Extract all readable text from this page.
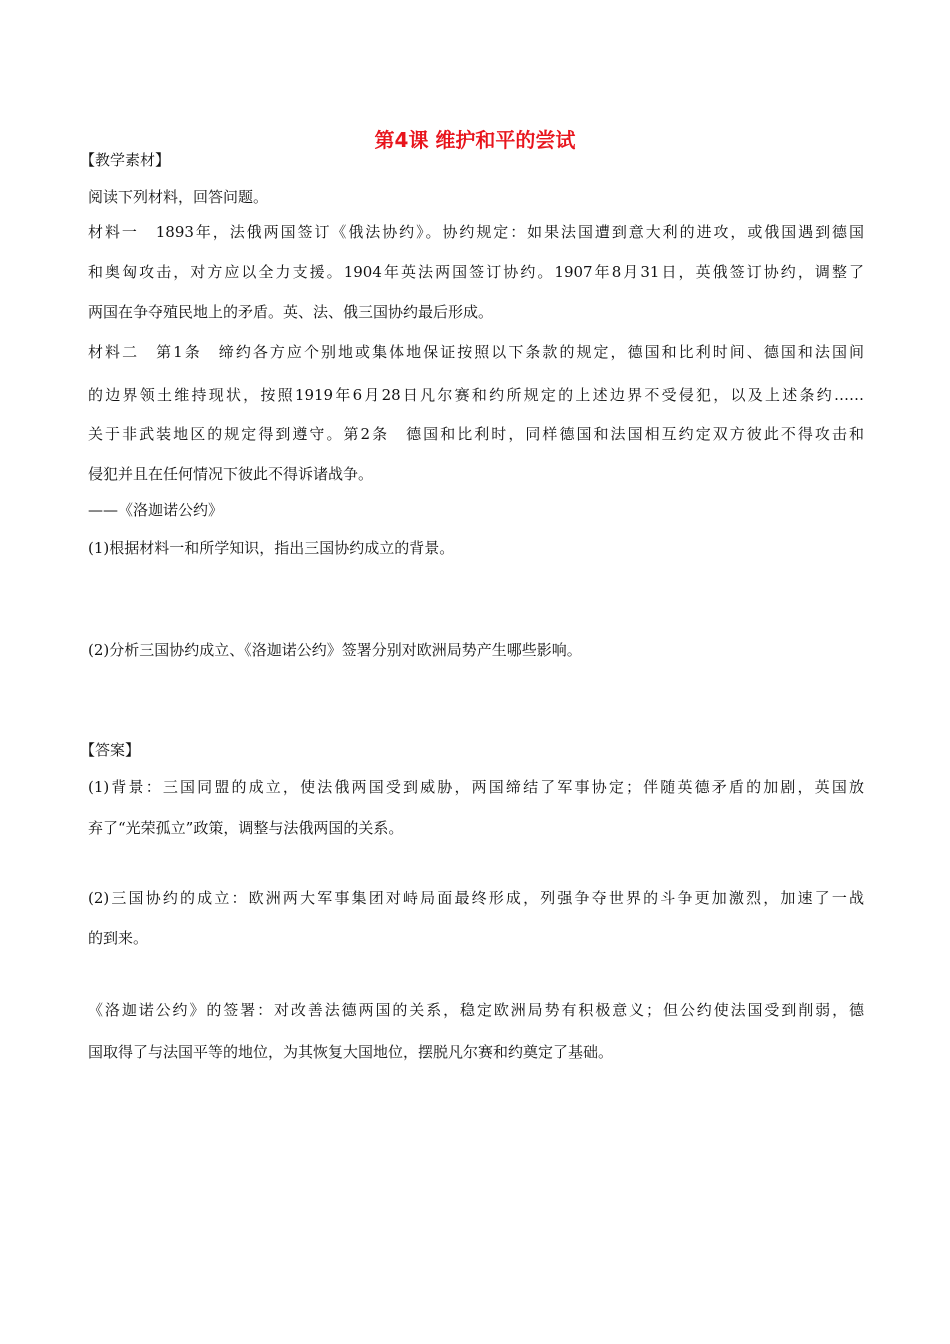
第4课 维护和平的尝试
【教学素材】
阅读下列材料，回答问题。
材料一　1893年，法俄两国签订《俄法协约》。协约规定：如果法国遭到意大利的进攻，或俄国遇到德国
和奥匈攻击，对方应以全力支援。1904年英法两国签订协约。1907年8月31日，英俄签订协约，调整了
两国在争夺殖民地上的矛盾。英、法、俄三国协约最后形成。
材料二　第1条　缔约各方应个别地或集体地保证按照以下条款的规定，德国和比利时间、德国和法国间
的边界领土维持现状，按照1919年6月28日凡尔赛和约所规定的上述边界不受侵犯，以及上述条约……
关于非武装地区的规定得到遵守。第2条　德国和比利时，同样德国和法国相互约定双方彼此不得攻击和
侵犯并且在任何情况下彼此不得诉诸战争。
——《洛迦诺公约》
(1)根据材料一和所学知识，指出三国协约成立的背景。
(2)分析三国协约成立、《洛迦诺公约》签署分别对欧洲局势产生哪些影响。
【答案】
(1)背景：三国同盟的成立，使法俄两国受到威胁，两国缔结了军事协定；伴随英德矛盾的加剧，英国放
弃了“光荣孤立”政策，调整与法俄两国的关系。
(2)三国协约的成立：欧洲两大军事集团对峙局面最终形成，列强争夺世界的斗争更加激烈，加速了一战
的到来。
《洛迦诺公约》的签署：对改善法德两国的关系，稳定欧洲局势有积极意义；但公约使法国受到削弱，德
国取得了与法国平等的地位，为其恢复大国地位，摆脱凡尔赛和约奠定了基础。
